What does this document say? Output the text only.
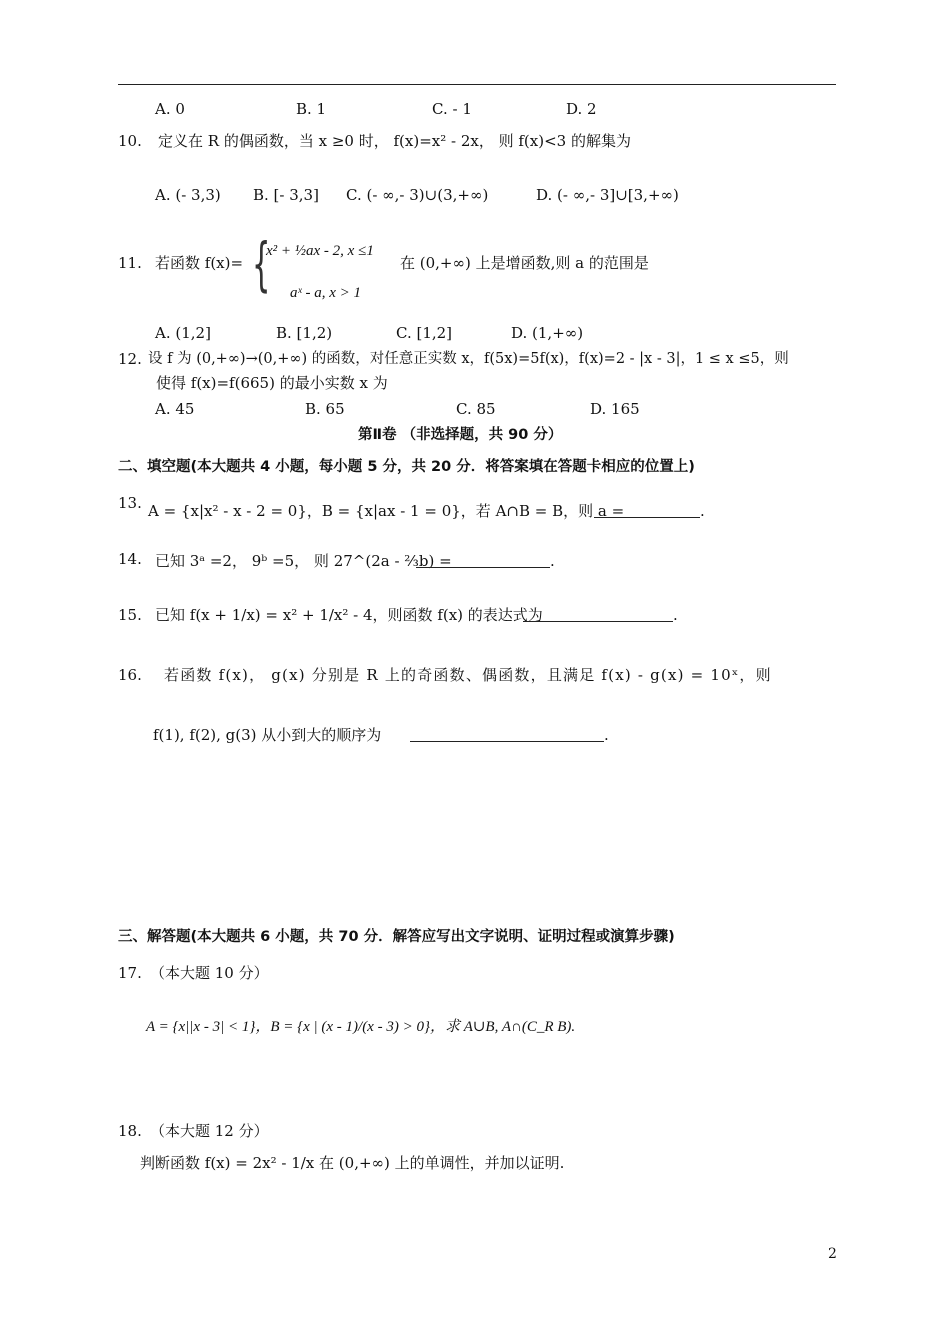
A. 0	B. 1	C. - 1	D. 2
10. 定义在 R 的偶函数，当 x ≥0 时， f(x)=x² - 2x， 则 f(x)<3 的解集为
A. (- 3,3) B. [- 3,3] C. (- ∞,- 3)∪(3,+∞)	D. (- ∞,- 3]∪[3,+∞)
11. 若函数 f(x)= {
x² + ½ax - 2, x ≤1
aˣ - a, x > 1
在 (0,+∞) 上是增函数,则 a 的范围是
A. (1,2]	B. [1,2)	C. [1,2]	D. (1,+∞)
12. 设 f 为 (0,+∞)→(0,+∞) 的函数，对任意正实数 x，f(5x)=5f(x)，f(x)=2 - |x - 3|，1 ≤ x ≤5，则
使得 f(x)=f(665) 的最小实数 x 为
A. 45	B. 65	C. 85	D. 165
第Ⅱ卷 （非选择题，共 90 分）
二、填空题(本大题共 4 小题，每小题 5 分，共 20 分．将答案填在答题卡相应的位置上)
13. A = {x|x² - x - 2 = 0}，B = {x|ax - 1 = 0}，若 A∩B = B，则 a =	.
14. 已知 3ᵃ =2， 9ᵇ =5， 则 27^(2a - ⅔b) =	.
15. 已知 f(x + 1/x) = x² + 1/x² - 4，则函数 f(x) 的表达式为	.
16. 若函数 f(x)， g(x) 分别是 R 上的奇函数、偶函数，且满足 f(x) - g(x) = 10ˣ，则
f(1), f(2), g(3) 从小到大的顺序为	.
三、解答题(本大题共 6 小题，共 70 分．解答应写出文字说明、证明过程或演算步骤)
17. （本大题 10 分）
A = {x||x - 3| < 1}，B = {x | (x - 1)/(x - 3) > 0}，求 A∪B, A∩(C_R B).
18. （本大题 12 分）
判断函数 f(x) = 2x² - 1/x 在 (0,+∞) 上的单调性，并加以证明.
2
